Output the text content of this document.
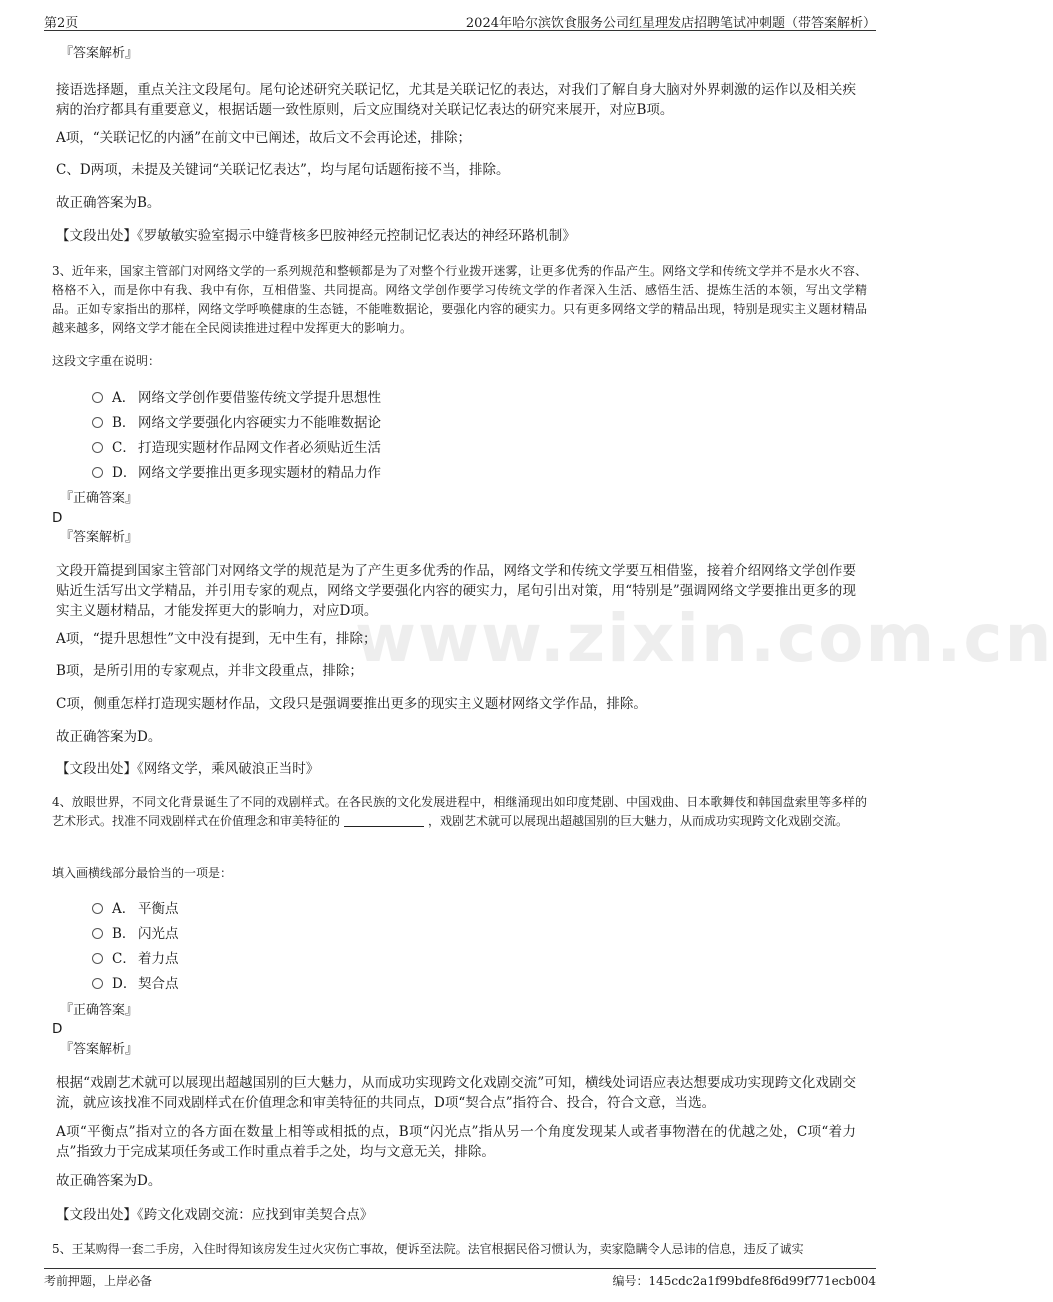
第2页	2024年哈尔滨饮食服务公司红星理发店招聘笔试冲刺题（带答案解析）
www.zixin.com.cn

『答案解析』

接语选择题，重点关注文段尾句。尾句论述研究关联记忆，尤其是关联记忆的表达，对我们了解自身大脑对外界刺激的运作以及相关疾病的治疗都具有重要意义，根据话题一致性原则，后文应围绕对关联记忆表达的研究来展开，对应B项。

A项，“关联记忆的内涵”在前文中已阐述，故后文不会再论述，排除；

C、D两项，未提及关键词“关联记忆表达”，均与尾句话题衔接不当，排除。

故正确答案为B。

【文段出处】《罗敏敏实验室揭示中缝背核多巴胺神经元控制记忆表达的神经环路机制》

3、近年来，国家主管部门对网络文学的一系列规范和整顿都是为了对整个行业拨开迷雾，让更多优秀的作品产生。网络文学和传统文学并不是水火不容、格格不入，而是你中有我、我中有你，互相借鉴、共同提高。网络文学创作要学习传统文学的作者深入生活、感悟生活、提炼生活的本领，写出文学精品。正如专家指出的那样，网络文学呼唤健康的生态链，不能唯数据论，要强化内容的硬实力。只有更多网络文学的精品出现，特别是现实主义题材精品越来越多，网络文学才能在全民阅读推进过程中发挥更大的影响力。

这段文字重在说明：

A． 网络文学创作要借鉴传统文学提升思想性
B． 网络文学要强化内容硬实力不能唯数据论
C． 打造现实题材作品网文作者必须贴近生活
D． 网络文学要推出更多现实题材的精品力作

『正确答案』

D

『答案解析』

文段开篇提到国家主管部门对网络文学的规范是为了产生更多优秀的作品，网络文学和传统文学要互相借鉴，接着介绍网络文学创作要贴近生活写出文学精品，并引用专家的观点，网络文学要强化内容的硬实力，尾句引出对策，用“特别是”强调网络文学要推出更多的现实主义题材精品，才能发挥更大的影响力，对应D项。

A项，“提升思想性”文中没有提到，无中生有，排除；

B项，是所引用的专家观点，并非文段重点，排除；

C项，侧重怎样打造现实题材作品，文段只是强调要推出更多的现实主义题材网络文学作品，排除。

故正确答案为D。

【文段出处】《网络文学，乘风破浪正当时》

4、放眼世界，不同文化背景诞生了不同的戏剧样式。在各民族的文化发展进程中，相继涌现出如印度梵剧、中国戏曲、日本歌舞伎和韩国盘索里等多样的艺术形式。找准不同戏剧样式在价值理念和审美特征的	，戏剧艺术就可以展现出超越国别的巨大魅力，从而成功实现跨文化戏剧交流。

填入画横线部分最恰当的一项是：

A． 平衡点
B． 闪光点
C． 着力点
D． 契合点

『正确答案』

D

『答案解析』

根据“戏剧艺术就可以展现出超越国别的巨大魅力，从而成功实现跨文化戏剧交流”可知，横线处词语应表达想要成功实现跨文化戏剧交流，就应该找准不同戏剧样式在价值理念和审美特征的共同点，D项“契合点”指符合、投合，符合文意，当选。

A项“平衡点”指对立的各方面在数量上相等或相抵的点，B项“闪光点”指从另一个角度发现某人或者事物潜在的优越之处，C项“着力点”指致力于完成某项任务或工作时重点着手之处，均与文意无关，排除。

故正确答案为D。

【文段出处】《跨文化戏剧交流：应找到审美契合点》

5、王某购得一套二手房，入住时得知该房发生过火灾伤亡事故，便诉至法院。法官根据民俗习惯认为，卖家隐瞒令人忌讳的信息，违反了诚实

考前押题，上岸必备	编号：145cdc2a1f99bdfe8f6d99f771ecb004
